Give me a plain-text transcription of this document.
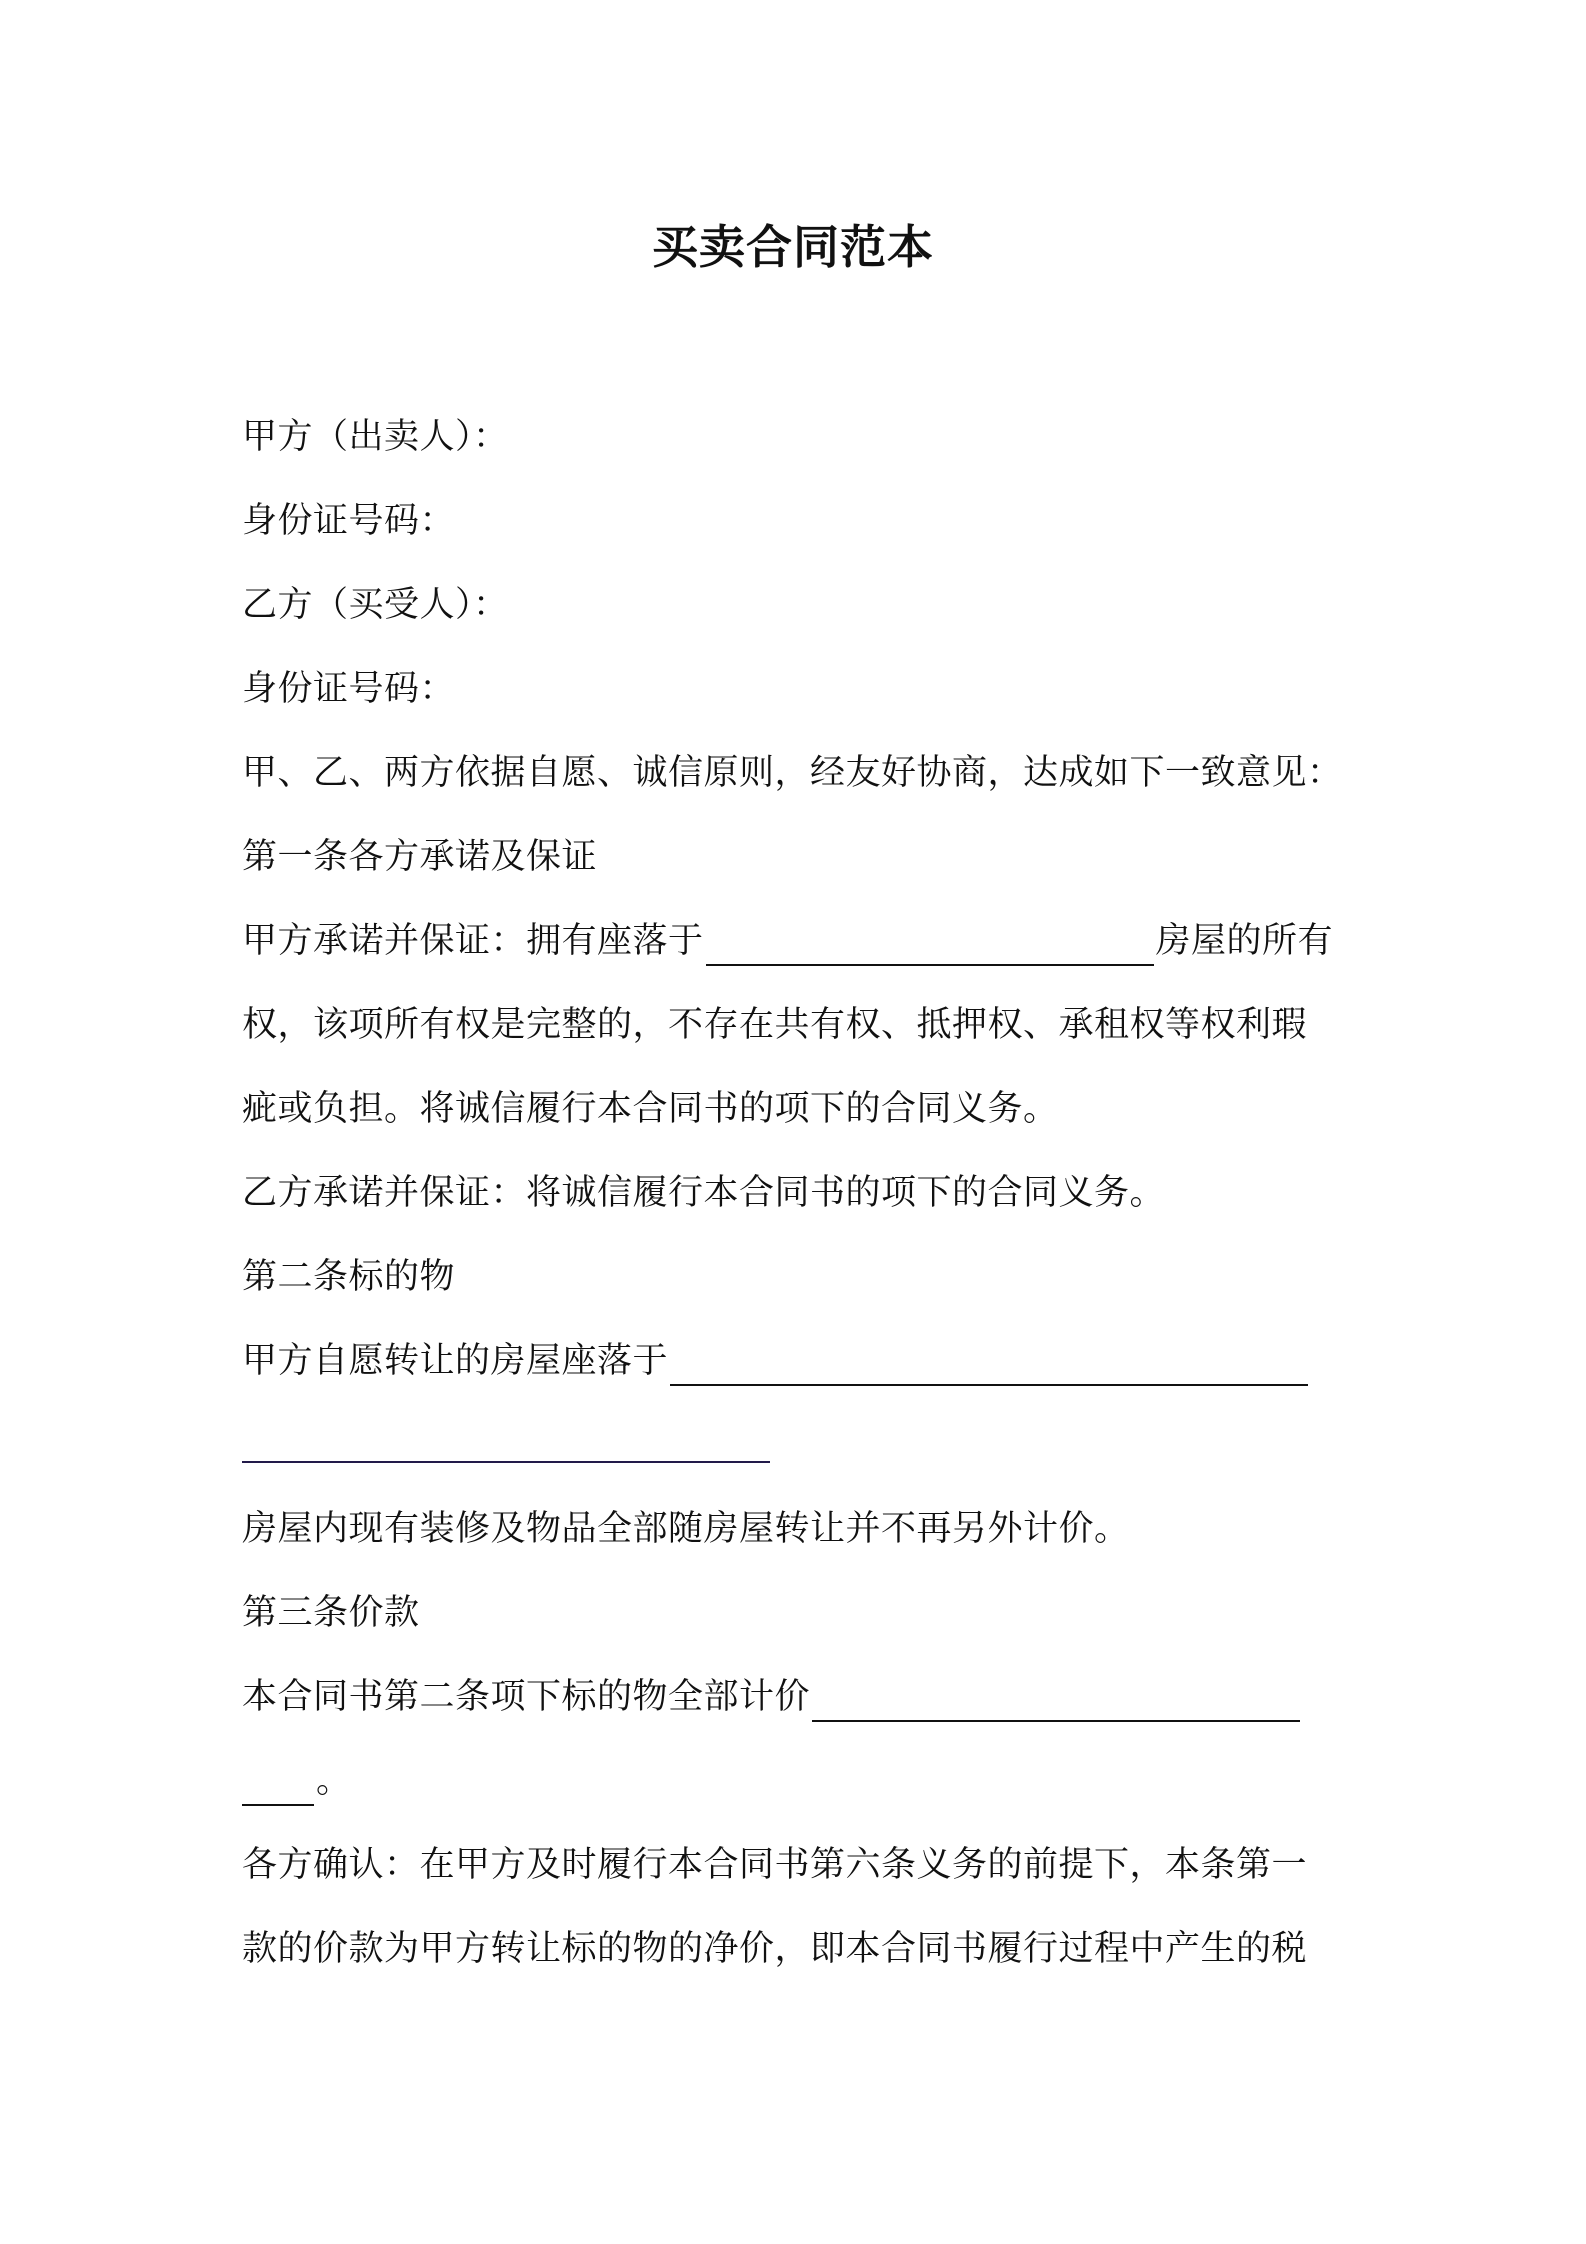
买卖合同范本
甲方（出卖人）：
身份证号码：
乙方（买受人）：
身份证号码：
甲、乙、两方依据自愿、诚信原则，经友好协商，达成如下一致意见：
第一条各方承诺及保证
甲方承诺并保证：拥有座落于	房屋的所有
权，该项所有权是完整的，不存在共有权、抵押权、承租权等权利瑕
疵或负担。将诚信履行本合同书的项下的合同义务。
乙方承诺并保证：将诚信履行本合同书的项下的合同义务。
第二条标的物
甲方自愿转让的房屋座落于
房屋内现有装修及物品全部随房屋转让并不再另外计价。
第三条价款
本合同书第二条项下标的物全部计价
。
各方确认：在甲方及时履行本合同书第六条义务的前提下，本条第一
款的价款为甲方转让标的物的净价，即本合同书履行过程中产生的税
